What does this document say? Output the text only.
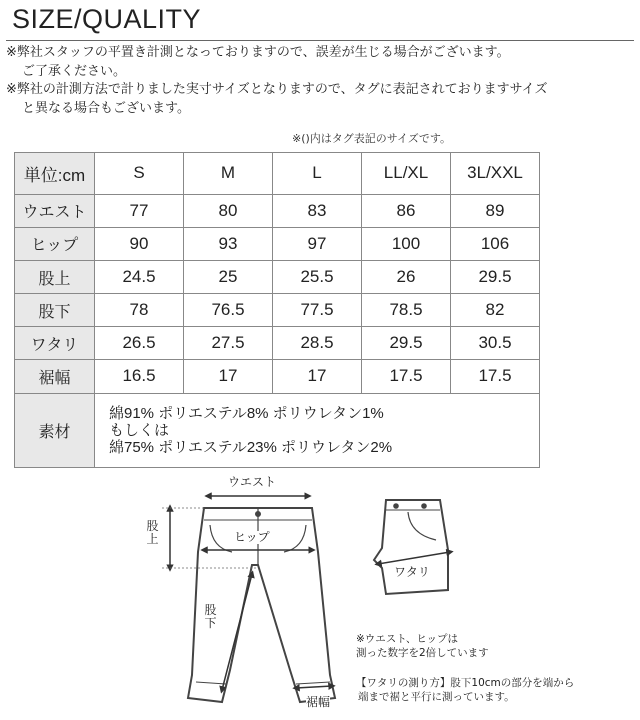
SIZE/QUALITY

※弊社スタッフの平置き計測となっておりますので、誤差が生じる場合がございます。

ご了承ください。

※弊社の計測方法で計りました実寸サイズとなりますので、タグに表記されておりますサイズ

と異なる場合もございます。

※()内はタグ表記のサイズです。
単位:cm	S	M	L	LL/XL	3L/XXL
ウエスト	77	80	83	86	89
ヒップ	90	93	97	100	106
股上	24.5	25	25.5	26	29.5
股下	78	76.5	77.5	78.5	82
ワタリ	26.5	27.5	28.5	29.5	30.5
裾幅	16.5	17	17	17.5	17.5
素材	綿91% ポリエステル8% ポリウレタン1%
もしくは
綿75% ポリエステル23% ポリウレタン2%				
ウエスト
股上	ヒップ
股下
裾幅
ワタリ
※ウエスト、ヒップは
測った数字を2倍しています
【ワタリの測り方】股下10cmの部分を端から
端まで裾と平行に測っています。
